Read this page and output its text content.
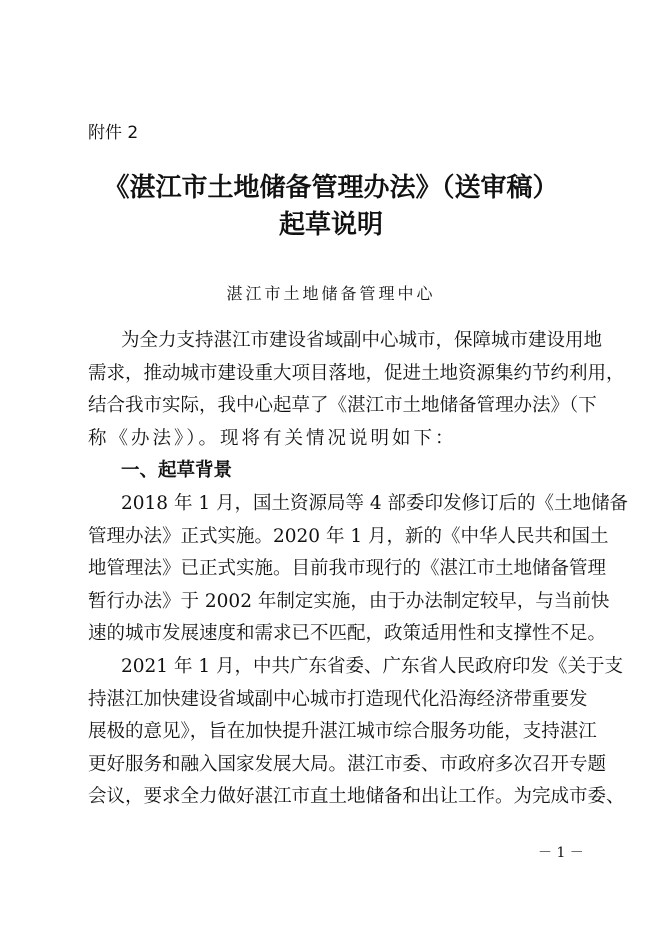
附件 2
《湛江市土地储备管理办法》（送审稿）
起草说明
湛江市土地储备管理中心
为全力支持湛江市建设省域副中心城市，保障城市建设用地
需求，推动城市建设重大项目落地，促进土地资源集约节约利用，
结合我市实际，我中心起草了《湛江市土地储备管理办法》（下
称《办法》）。现将有关情况说明如下：
一、起草背景
2018 年 1 月，国土资源局等 4 部委印发修订后的《土地储备
管理办法》正式实施。2020 年 1 月，新的《中华人民共和国土
地管理法》已正式实施。目前我市现行的《湛江市土地储备管理
暂行办法》于 2002 年制定实施，由于办法制定较早，与当前快
速的城市发展速度和需求已不匹配，政策适用性和支撑性不足。
2021 年 1 月，中共广东省委、广东省人民政府印发《关于支
持湛江加快建设省域副中心城市打造现代化沿海经济带重要发
展极的意见》，旨在加快提升湛江城市综合服务功能，支持湛江
更好服务和融入国家发展大局。湛江市委、市政府多次召开专题
会议，要求全力做好湛江市直土地储备和出让工作。为完成市委、
－ 1 －
